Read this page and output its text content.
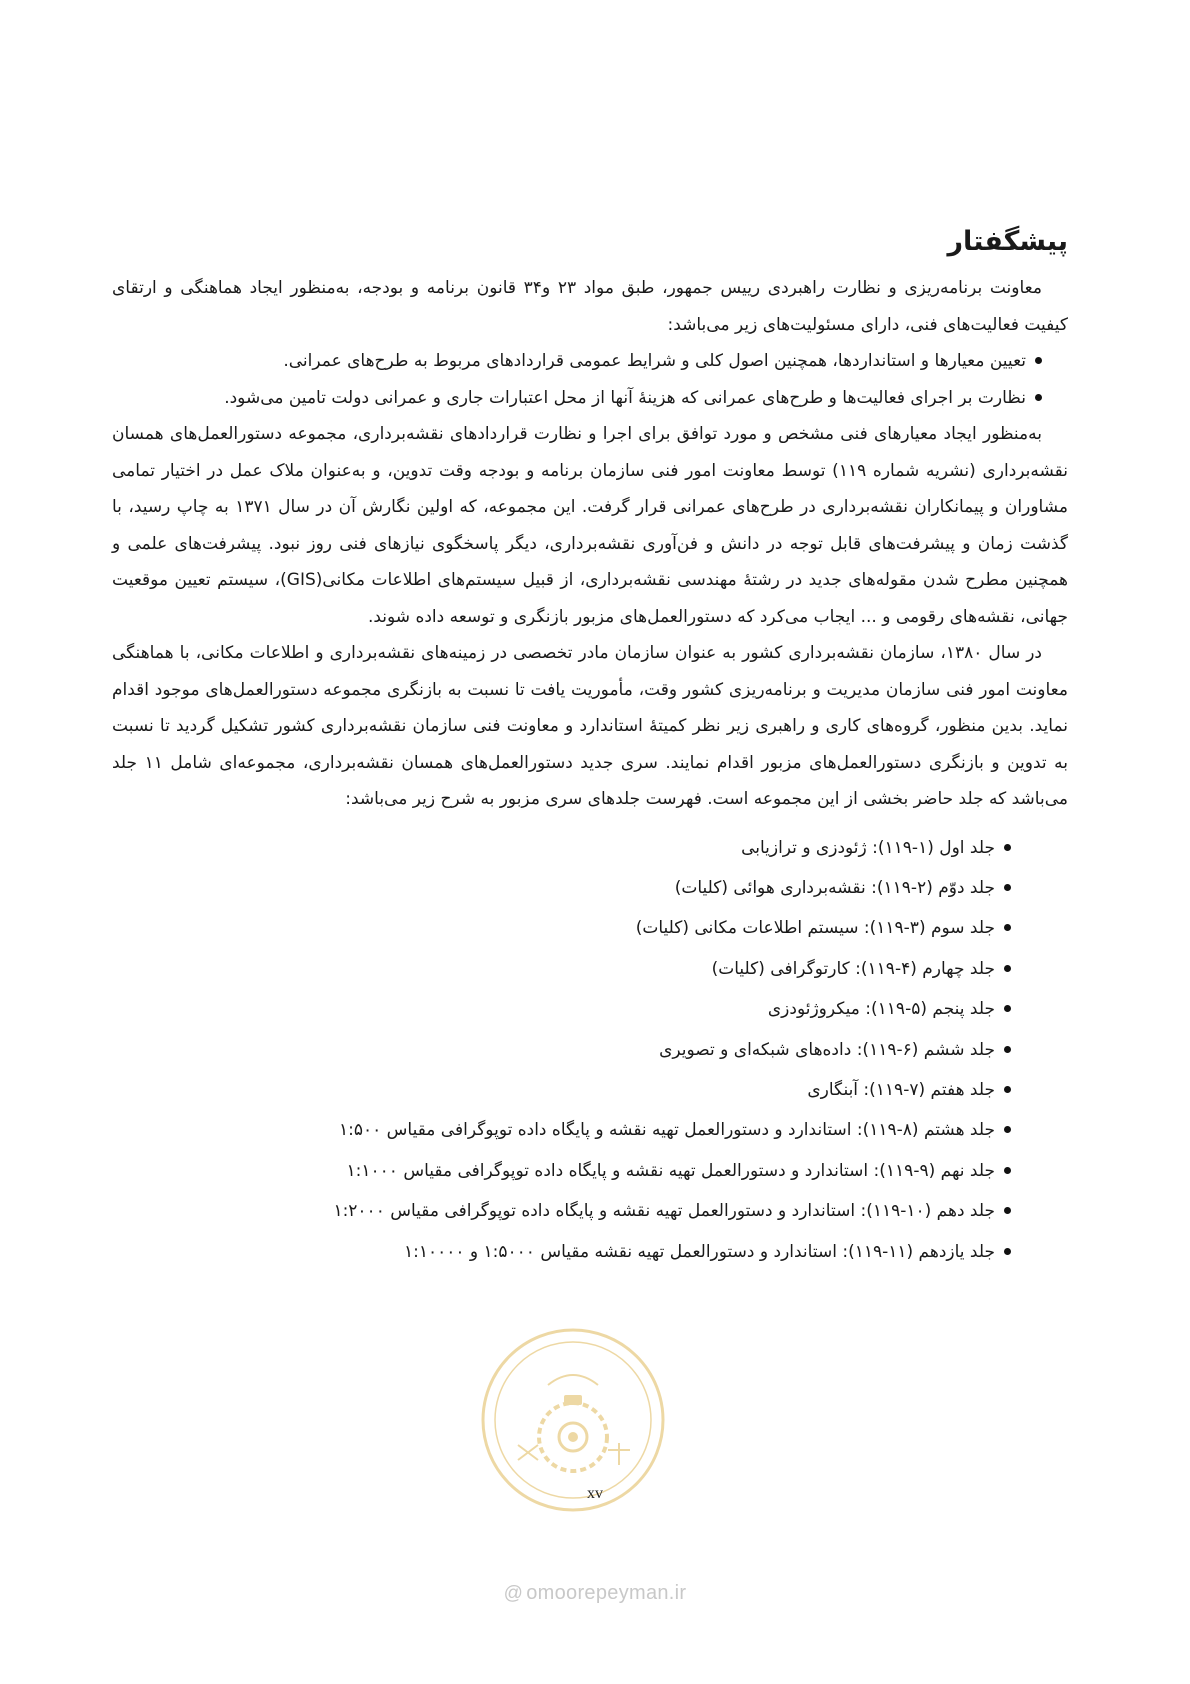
پیشگفتار

معاونت برنامه‌ریزی و نظارت راهبردی رییس جمهور، طبق مواد ۲۳ و۳۴ قانون برنامه و بودجه، به‌منظور ایجاد هماهنگی و ارتقای کیفیت فعالیت‌های فنی، دارای مسئولیت‌های زیر می‌باشد:

تعیین معیارها و استانداردها، همچنین اصول کلی و شرایط عمومی قراردادهای مربوط به طرح‌های عمرانی.
نظارت بر اجرای فعالیت‌ها و طرح‌های عمرانی که هزینهٔ آنها از محل اعتبارات جاری و عمرانی دولت تامین می‌شود.

به‌منظور ایجاد معیارهای فنی مشخص و مورد توافق برای اجرا و نظارت قراردادهای نقشه‌برداری، مجموعه دستورالعمل‌های همسان نقشه‌برداری (نشریه شماره ۱۱۹) توسط معاونت امور فنی سازمان برنامه و بودجه وقت تدوین، و به‌عنوان ملاک عمل در اختیار تمامی مشاوران و پیمانکاران نقشه‌برداری در طرح‌های عمرانی قرار گرفت. این مجموعه، که اولین نگارش آن در سال ۱۳۷۱ به چاپ رسید، با گذشت زمان و پیشرفت‌های قابل توجه در دانش و فن‌آوری نقشه‌برداری، دیگر پاسخگوی نیازهای فنی روز نبود. پیشرفت‌های علمی و همچنین مطرح شدن مقوله‌های جدید در رشتهٔ مهندسی نقشه‌برداری، از قبیل سیستم‌های اطلاعات مکانی(GIS)، سیستم تعیین موقعیت جهانی، نقشه‌های رقومی و ... ایجاب می‌کرد که دستورالعمل‌های مزبور بازنگری و توسعه داده شوند.

در سال ۱۳۸۰، سازمان نقشه‌برداری کشور به عنوان سازمان مادر تخصصی در زمینه‌های نقشه‌برداری و اطلاعات مکانی، با هماهنگی معاونت امور فنی سازمان مدیریت و برنامه‌ریزی کشور وقت، مأموریت یافت تا نسبت به بازنگری مجموعه دستورالعمل‌های موجود اقدام نماید. بدین منظور، گروه‌های کاری و راهبری زیر نظر کمیتهٔ استاندارد و معاونت فنی سازمان نقشه‌برداری کشور تشکیل گردید تا نسبت به تدوین و بازنگری دستورالعمل‌های مزبور اقدام نمایند. سری جدید دستورالعمل‌های همسان نقشه‌برداری، مجموعه‌ای شامل ۱۱ جلد می‌باشد که جلد حاضر بخشی از این مجموعه است. فهرست جلدهای سری مزبور به شرح زیر می‌باشد:

جلد اول (۱-۱۱۹): ژئودزی و ترازیابی
جلد دوّم (۲-۱۱۹): نقشه‌برداری هوائی (کلیات)
جلد سوم (۳-۱۱۹): سیستم اطلاعات مکانی (کلیات)
جلد چهارم (۴-۱۱۹): کارتوگرافی (کلیات)
جلد پنجم (۵-۱۱۹): میکروژئودزی
جلد ششم (۶-۱۱۹): داده‌های شبکه‌ای و تصویری
جلد هفتم (۷-۱۱۹): آبنگاری
جلد هشتم (۸-۱۱۹): استاندارد و دستورالعمل تهیه نقشه و پایگاه داده توپوگرافی مقیاس ۱:۵۰۰
جلد نهم (۹-۱۱۹): استاندارد و دستورالعمل تهیه نقشه و پایگاه داده توپوگرافی مقیاس ۱:۱۰۰۰
جلد دهم (۱۰-۱۱۹): استاندارد و دستورالعمل تهیه نقشه و پایگاه داده توپوگرافی مقیاس ۱:۲۰۰۰
جلد یازدهم (۱۱-۱۱۹): استاندارد و دستورالعمل تهیه نقشه مقیاس ۱:۵۰۰۰ و ۱:۱۰۰۰۰
xv
@ omoorepeyman.ir
